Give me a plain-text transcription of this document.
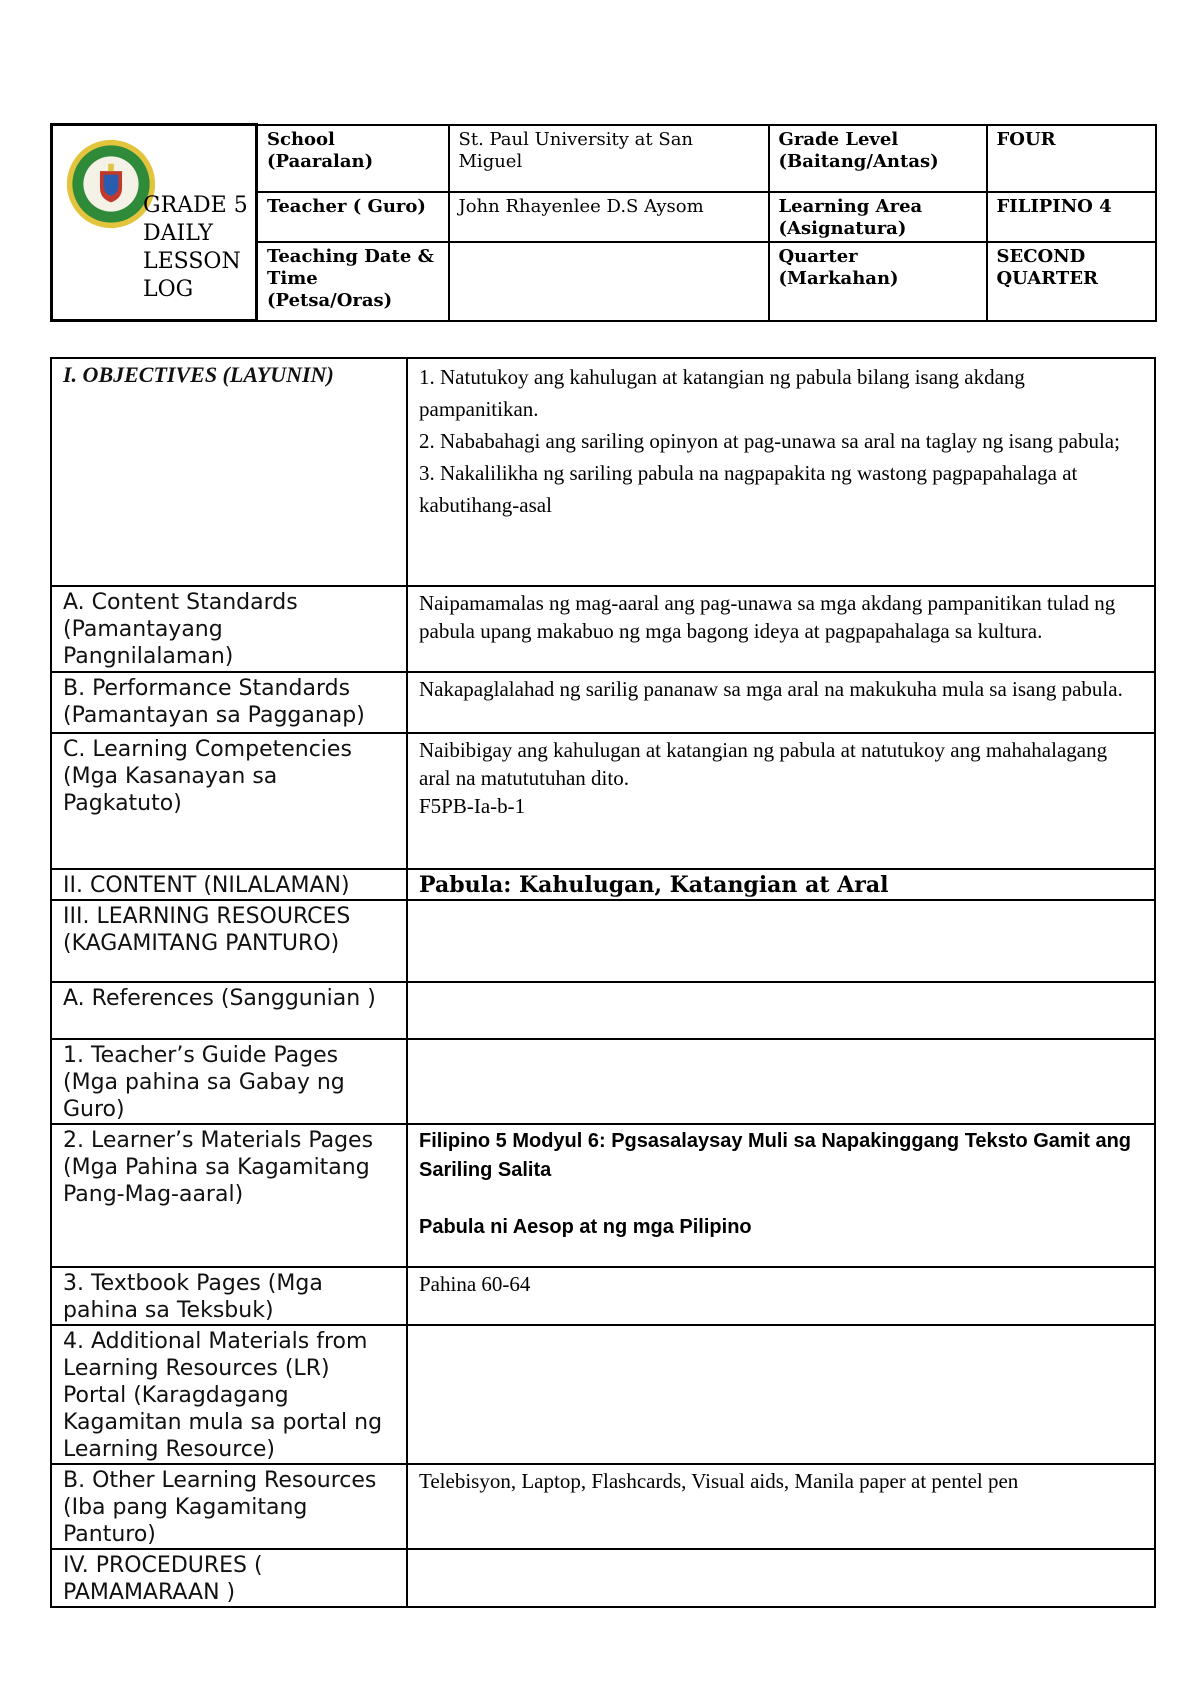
GRADE 5 DAILY LESSON LOG	School (Paaralan)	St. Paul University at San Miguel	Grade Level (Baitang/Antas)	FOUR
	Teacher ( Guro)	John Rhayenlee D.S Aysom	Learning Area (Asignatura)	FILIPINO 4
	Teaching Date & Time (Petsa/Oras)		Quarter (Markahan)	SECOND QUARTER
I. OBJECTIVES (LAYUNIN)	1. Natutukoy ang kahulugan at katangian ng pabula bilang isang akdang pampanitikan.
2. Nababahagi ang sariling opinyon at pag-unawa sa aral na taglay ng isang pabula;
3. Nakalilikha ng sariling pabula na nagpapakita ng wastong pagpapahalaga at kabutihang-asal

A. Content Standards (Pamantayang Pangnilalaman)	Naipamamalas ng mag-aaral ang pag-unawa sa mga akdang pampanitikan tulad ng pabula upang makabuo ng mga bagong ideya at pagpapahalaga sa kultura.
B. Performance Standards (Pamantayan sa Pagganap)	Nakapaglalahad ng sarilig pananaw sa mga aral na makukuha mula sa isang pabula.
C. Learning Competencies (Mga Kasanayan sa Pagkatuto)	Naibibigay ang kahulugan at katangian ng pabula at natutukoy ang mahahalagang aral na matututuhan dito.
F5PB-Ia-b-1

II. CONTENT (NILALAMAN)	Pabula: Kahulugan, Katangian at Aral

III. LEARNING RESOURCES (KAGAMITANG PANTURO)	
A. References (Sanggunian )	
1. Teacher’s Guide Pages (Mga pahina sa Gabay ng Guro)	
2. Learner’s Materials Pages (Mga Pahina sa Kagamitang Pang-Mag-aaral)	Filipino 5 Modyul 6: Pgsasalaysay Muli sa Napakinggang Teksto Gamit ang Sariling Salita
Pabula ni Aesop at ng mga Pilipino

3. Textbook Pages (Mga pahina sa Teksbuk)	Pahina 60-64
4. Additional Materials from Learning Resources (LR) Portal (Karagdagang Kagamitan mula sa portal ng Learning Resource)	
B. Other Learning Resources (Iba pang Kagamitang Panturo)	Telebisyon, Laptop, Flashcards, Visual aids, Manila paper at pentel pen
IV. PROCEDURES ( PAMAMARAAN )	
